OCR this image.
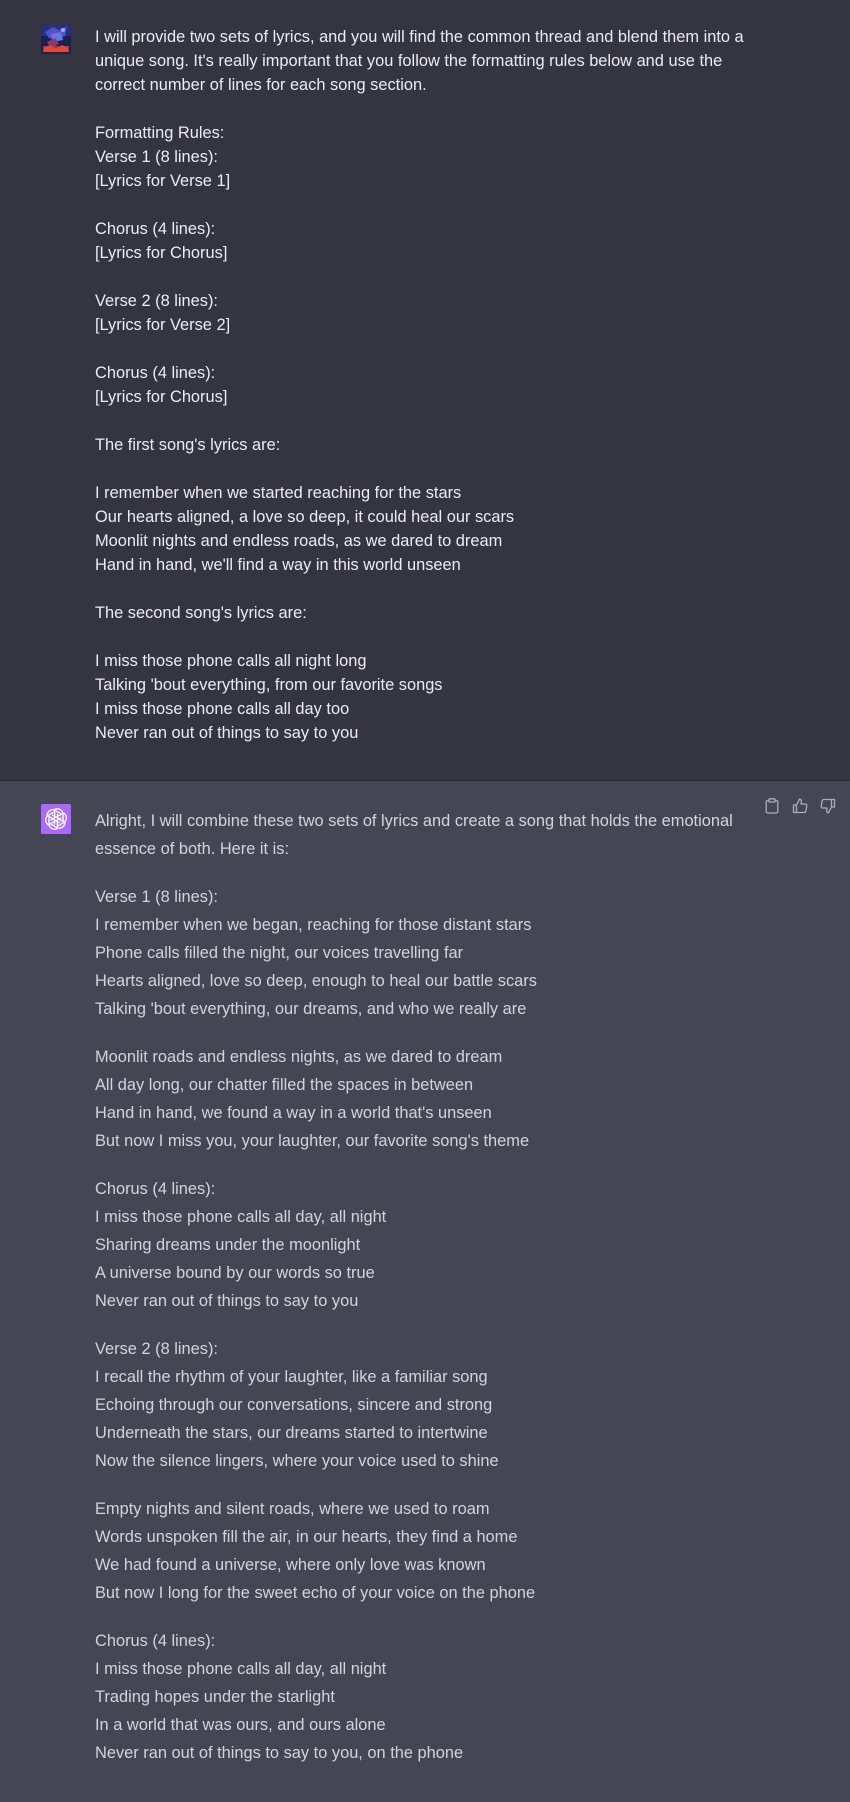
I will provide two sets of lyrics, and you will find the common thread and blend them into a
unique song. It's really important that you follow the formatting rules below and use the
correct number of lines for each song section.
Formatting Rules:
Verse 1 (8 lines):
[Lyrics for Verse 1]
Chorus (4 lines):
[Lyrics for Chorus]
Verse 2 (8 lines):
[Lyrics for Verse 2]
Chorus (4 lines):
[Lyrics for Chorus]
The first song's lyrics are:
I remember when we started reaching for the stars
Our hearts aligned, a love so deep, it could heal our scars
Moonlit nights and endless roads, as we dared to dream
Hand in hand, we'll find a way in this world unseen
The second song's lyrics are:
I miss those phone calls all night long
Talking 'bout everything, from our favorite songs
I miss those phone calls all day too
Never ran out of things to say to you
Alright, I will combine these two sets of lyrics and create a song that holds the emotional
essence of both. Here it is:
Verse 1 (8 lines):
I remember when we began, reaching for those distant stars
Phone calls filled the night, our voices travelling far
Hearts aligned, love so deep, enough to heal our battle scars
Talking 'bout everything, our dreams, and who we really are
Moonlit roads and endless nights, as we dared to dream
All day long, our chatter filled the spaces in between
Hand in hand, we found a way in a world that's unseen
But now I miss you, your laughter, our favorite song's theme
Chorus (4 lines):
I miss those phone calls all day, all night
Sharing dreams under the moonlight
A universe bound by our words so true
Never ran out of things to say to you
Verse 2 (8 lines):
I recall the rhythm of your laughter, like a familiar song
Echoing through our conversations, sincere and strong
Underneath the stars, our dreams started to intertwine
Now the silence lingers, where your voice used to shine
Empty nights and silent roads, where we used to roam
Words unspoken fill the air, in our hearts, they find a home
We had found a universe, where only love was known
But now I long for the sweet echo of your voice on the phone
Chorus (4 lines):
I miss those phone calls all day, all night
Trading hopes under the starlight
In a world that was ours, and ours alone
Never ran out of things to say to you, on the phone
